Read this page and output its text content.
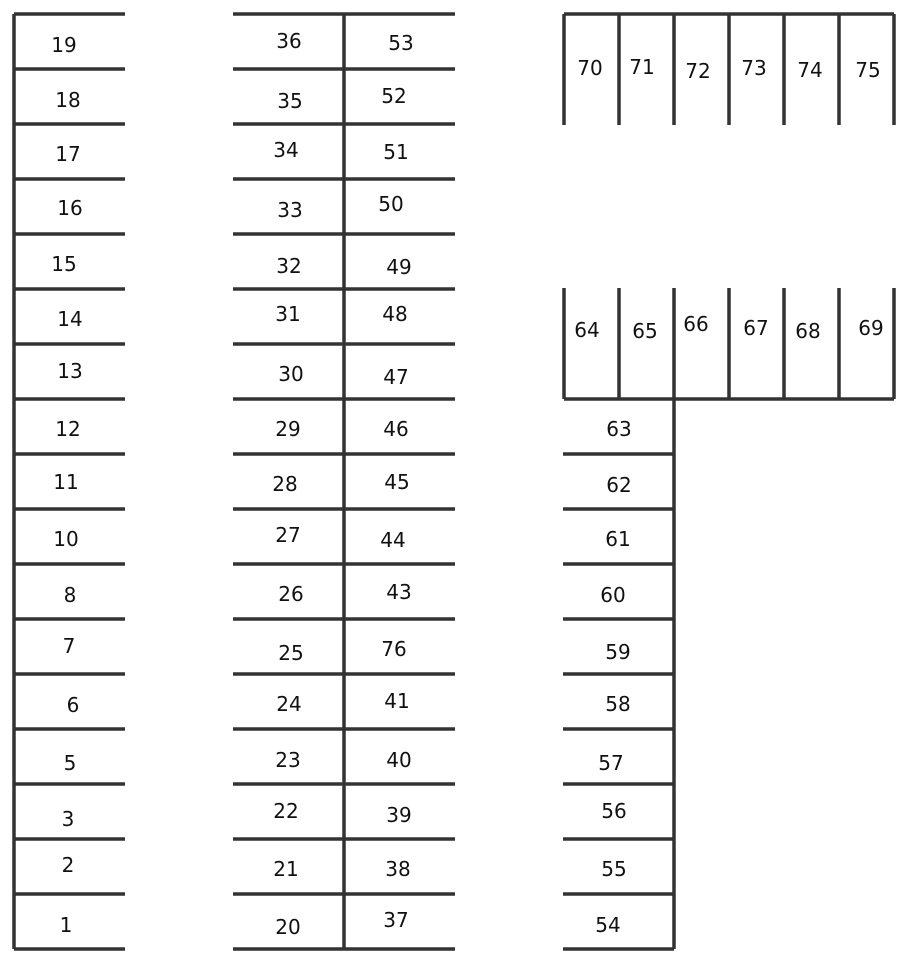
19
18
17
16
15
14
13
12
11
10
8
7
6
5
3
2
1
36
35
34
33
32
31
30
29
28
27
26
25
24
23
22
21
20
53
52
51
50
49
48
47
46
45
44
43
76
41
40
39
38
37
70 71 72 73 74 75
64 65 66 67 68 69
63
62
61
60
59
58
57
56
55
54
